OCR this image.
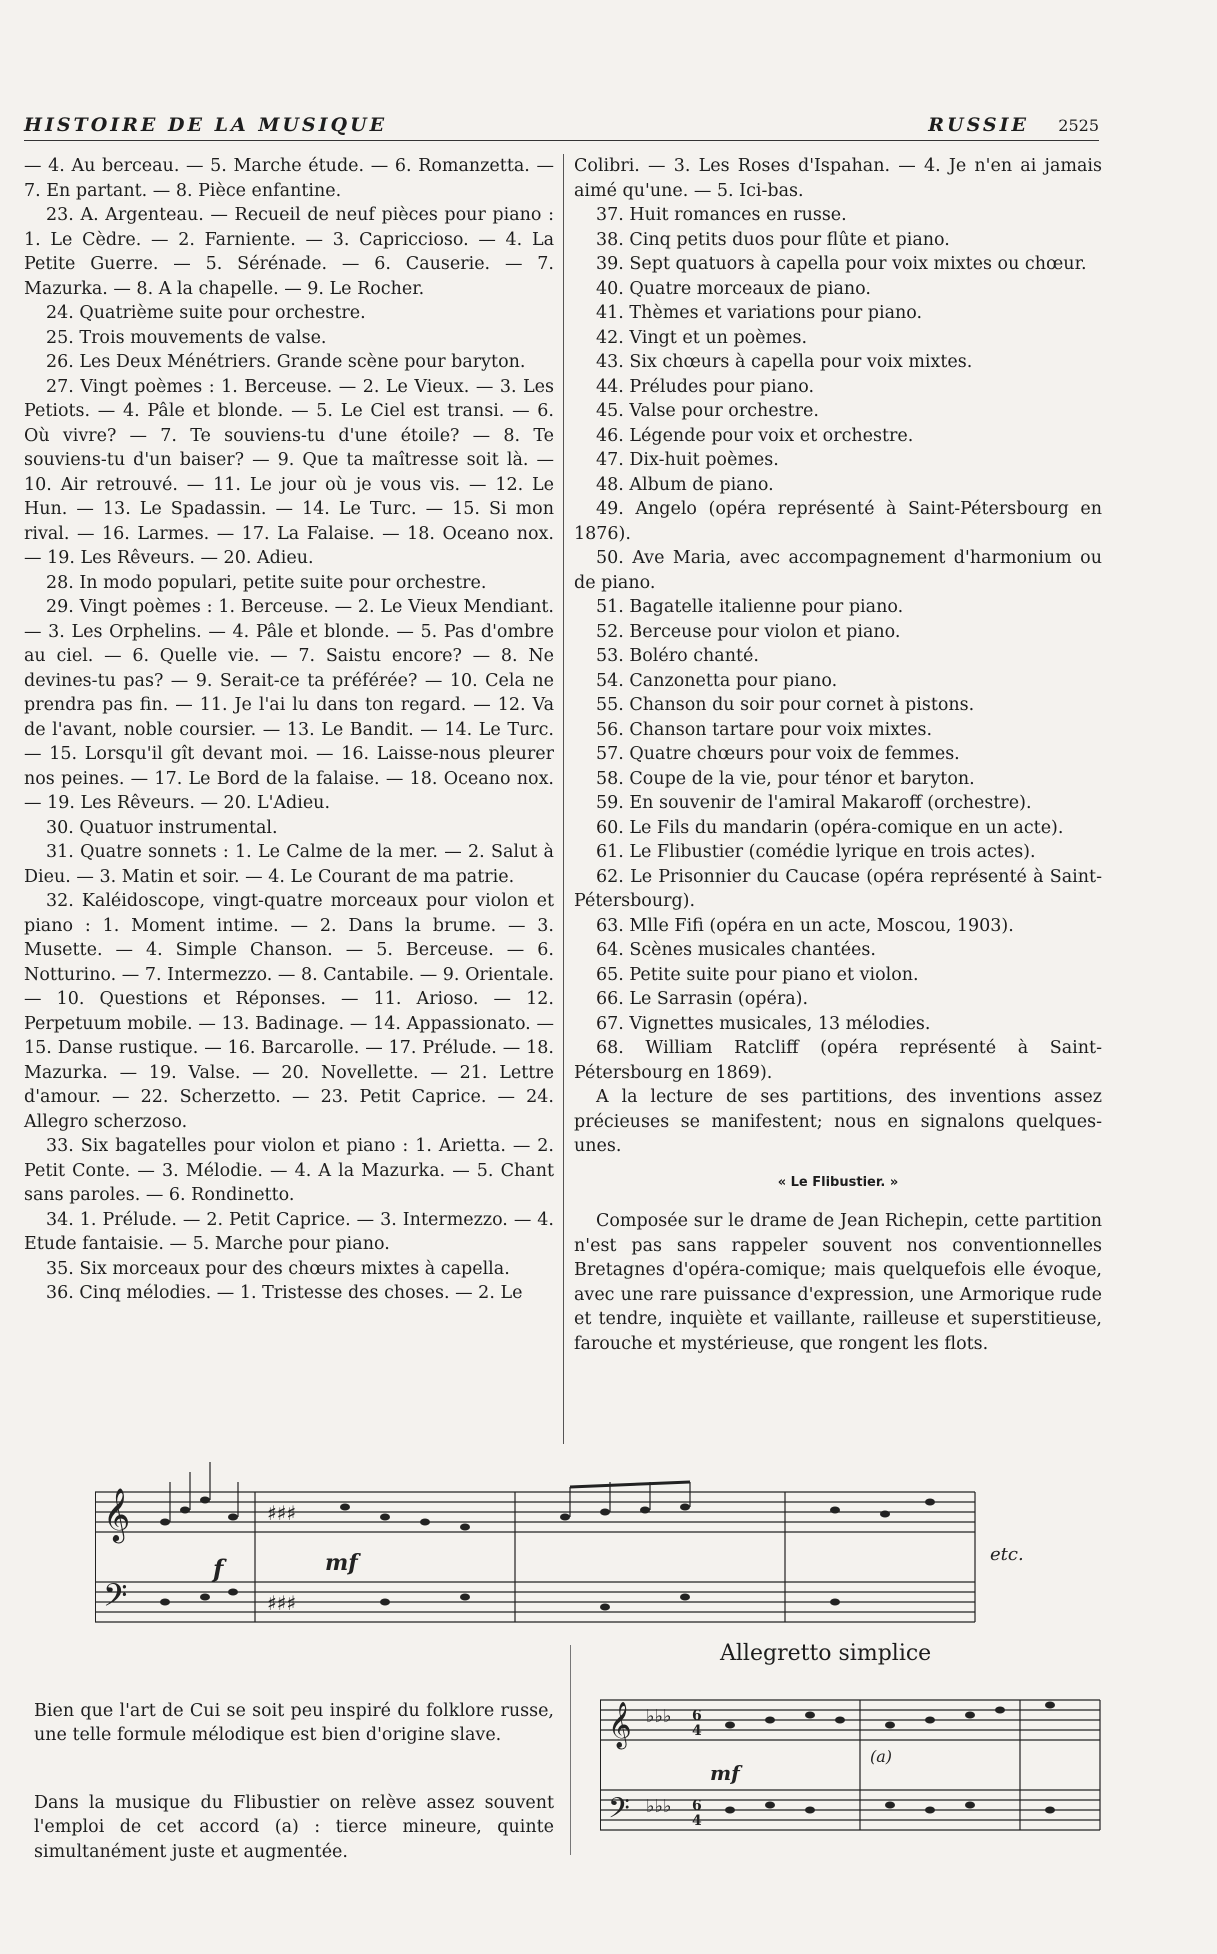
HISTOIRE DE LA MUSIQUE	RUSSIE 2525

— 4. Au berceau. — 5. Marche étude. — 6. Romanzetta. — 7. En partant. — 8. Pièce enfantine.

23. A. Argenteau. — Recueil de neuf pièces pour piano : 1. Le Cèdre. — 2. Farniente. — 3. Capriccioso. — 4. La Petite Guerre. — 5. Sérénade. — 6. Causerie. — 7. Mazurka. — 8. A la chapelle. — 9. Le Rocher.

24. Quatrième suite pour orchestre.

25. Trois mouvements de valse.

26. Les Deux Ménétriers. Grande scène pour baryton.

27. Vingt poèmes : 1. Berceuse. — 2. Le Vieux. — 3. Les Petiots. — 4. Pâle et blonde. — 5. Le Ciel est transi. — 6. Où vivre? — 7. Te souviens-tu d'une étoile? — 8. Te souviens-tu d'un baiser? — 9. Que ta maîtresse soit là. — 10. Air retrouvé. — 11. Le jour où je vous vis. — 12. Le Hun. — 13. Le Spadassin. — 14. Le Turc. — 15. Si mon rival. — 16. Larmes. — 17. La Falaise. — 18. Oceano nox. — 19. Les Rêveurs. — 20. Adieu.

28. In modo populari, petite suite pour orchestre.

29. Vingt poèmes : 1. Berceuse. — 2. Le Vieux Mendiant. — 3. Les Orphelins. — 4. Pâle et blonde. — 5. Pas d'ombre au ciel. — 6. Quelle vie. — 7. Saistu encore? — 8. Ne devines-tu pas? — 9. Serait-ce ta préférée? — 10. Cela ne prendra pas fin. — 11. Je l'ai lu dans ton regard. — 12. Va de l'avant, noble coursier. — 13. Le Bandit. — 14. Le Turc. — 15. Lorsqu'il gît devant moi. — 16. Laisse-nous pleurer nos peines. — 17. Le Bord de la falaise. — 18. Oceano nox. — 19. Les Rêveurs. — 20. L'Adieu.

30. Quatuor instrumental.

31. Quatre sonnets : 1. Le Calme de la mer. — 2. Salut à Dieu. — 3. Matin et soir. — 4. Le Courant de ma patrie.

32. Kaléidoscope, vingt-quatre morceaux pour violon et piano : 1. Moment intime. — 2. Dans la brume. — 3. Musette. — 4. Simple Chanson. — 5. Berceuse. — 6. Notturino. — 7. Intermezzo. — 8. Cantabile. — 9. Orientale. — 10. Questions et Réponses. — 11. Arioso. — 12. Perpetuum mobile. — 13. Badinage. — 14. Appassionato. — 15. Danse rustique. — 16. Barcarolle. — 17. Prélude. — 18. Mazurka. — 19. Valse. — 20. Novellette. — 21. Lettre d'amour. — 22. Scherzetto. — 23. Petit Caprice. — 24. Allegro scherzoso.

33. Six bagatelles pour violon et piano : 1. Arietta. — 2. Petit Conte. — 3. Mélodie. — 4. A la Mazurka. — 5. Chant sans paroles. — 6. Rondinetto.

34. 1. Prélude. — 2. Petit Caprice. — 3. Intermezzo. — 4. Etude fantaisie. — 5. Marche pour piano.

35. Six morceaux pour des chœurs mixtes à capella.

36. Cinq mélodies. — 1. Tristesse des choses. — 2. Le

Colibri. — 3. Les Roses d'Ispahan. — 4. Je n'en ai jamais aimé qu'une. — 5. Ici-bas.

37. Huit romances en russe.

38. Cinq petits duos pour flûte et piano.

39. Sept quatuors à capella pour voix mixtes ou chœur.

40. Quatre morceaux de piano.

41. Thèmes et variations pour piano.

42. Vingt et un poèmes.

43. Six chœurs à capella pour voix mixtes.

44. Préludes pour piano.

45. Valse pour orchestre.

46. Légende pour voix et orchestre.

47. Dix-huit poèmes.

48. Album de piano.

49. Angelo (opéra représenté à Saint-Pétersbourg en 1876).

50. Ave Maria, avec accompagnement d'harmonium ou de piano.

51. Bagatelle italienne pour piano.

52. Berceuse pour violon et piano.

53. Boléro chanté.

54. Canzonetta pour piano.

55. Chanson du soir pour cornet à pistons.

56. Chanson tartare pour voix mixtes.

57. Quatre chœurs pour voix de femmes.

58. Coupe de la vie, pour ténor et baryton.

59. En souvenir de l'amiral Makaroff (orchestre).

60. Le Fils du mandarin (opéra-comique en un acte).

61. Le Flibustier (comédie lyrique en trois actes).

62. Le Prisonnier du Caucase (opéra représenté à Saint-Pétersbourg).

63. Mlle Fifi (opéra en un acte, Moscou, 1903).

64. Scènes musicales chantées.

65. Petite suite pour piano et violon.

66. Le Sarrasin (opéra).

67. Vignettes musicales, 13 mélodies.

68. William Ratcliff (opéra représenté à Saint-Pétersbourg en 1869).

A la lecture de ses partitions, des inventions assez précieuses se manifestent; nous en signalons quelques-unes.

« Le Flibustier. »

Composée sur le drame de Jean Richepin, cette partition n'est pas sans rappeler souvent nos conventionnelles Bretagnes d'opéra-comique; mais quelquefois elle évoque, avec une rare puissance d'expression, une Armorique rude et tendre, inquiète et vaillante, railleuse et superstitieuse, farouche et mystérieuse, que rongent les flots.

𝄞
𝄢
♯♯♯
♯♯♯
f	mf	etc.
Allegretto simplice
𝄞
𝄢
♭♭♭
♭♭♭
6
4
6
4
mf
(a)

Bien que l'art de Cui se soit peu inspiré du folklore russe, une telle formule mélodique est bien d'origine slave.

Dans la musique du Flibustier on relève assez souvent l'emploi de cet accord (a) : tierce mineure, quinte simultanément juste et augmentée.
